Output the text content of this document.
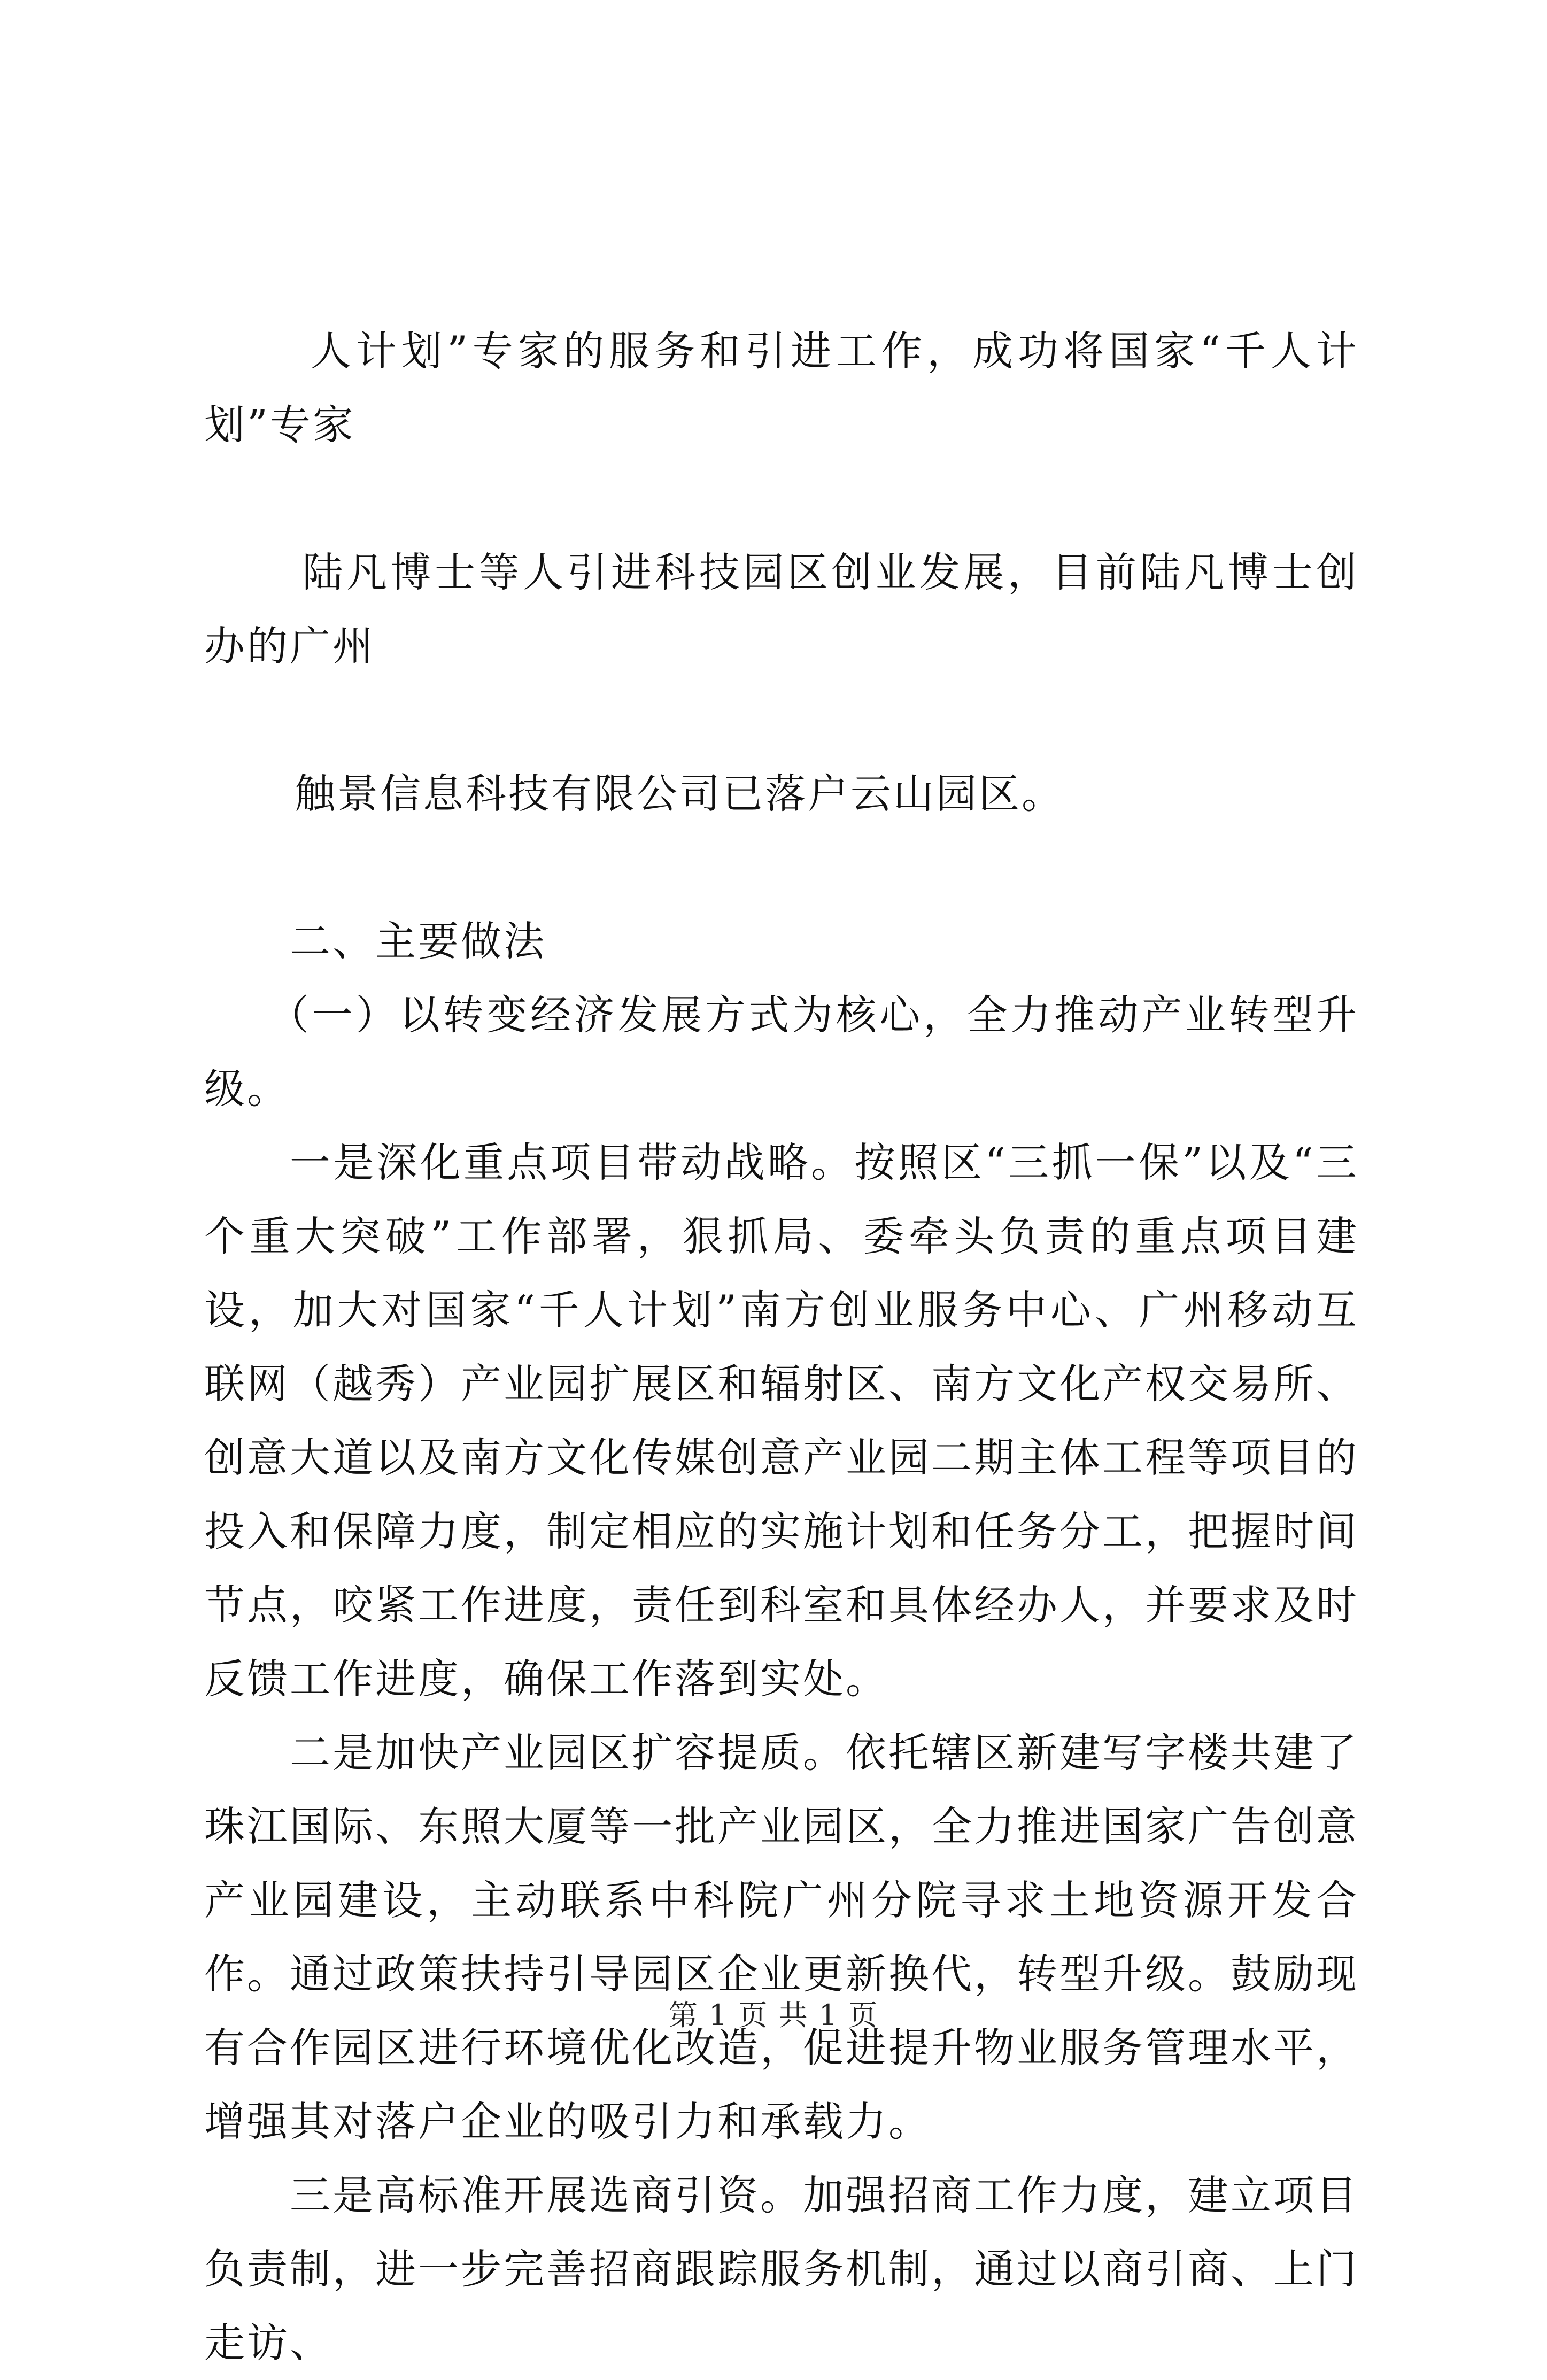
人计划”专家的服务和引进工作，成功将国家“千人计划”专家

陆凡博士等人引进科技园区创业发展，目前陆凡博士创办的广州

触景信息科技有限公司已落户云山园区。

二、主要做法

（一）以转变经济发展方式为核心，全力推动产业转型升级。

一是深化重点项目带动战略。按照区“三抓一保”以及“三个重大突破”工作部署，狠抓局、委牵头负责的重点项目建设，加大对国家“千人计划”南方创业服务中心、广州移动互联网（越秀）产业园扩展区和辐射区、南方文化产权交易所、创意大道以及南方文化传媒创意产业园二期主体工程等项目的投入和保障力度，制定相应的实施计划和任务分工，把握时间节点，咬紧工作进度，责任到科室和具体经办人，并要求及时反馈工作进度，确保工作落到实处。

二是加快产业园区扩容提质。依托辖区新建写字楼共建了珠江国际、东照大厦等一批产业园区，全力推进国家广告创意产业园建设，主动联系中科院广州分院寻求土地资源开发合作。通过政策扶持引导园区企业更新换代，转型升级。鼓励现有合作园区进行环境优化改造，促进提升物业服务管理水平，增强其对落户企业的吸引力和承载力。

三是高标准开展选商引资。加强招商工作力度，建立项目负责制，进一步完善招商跟踪服务机制，通过以商引商、上门走访、

第 1 页 共 1 页
